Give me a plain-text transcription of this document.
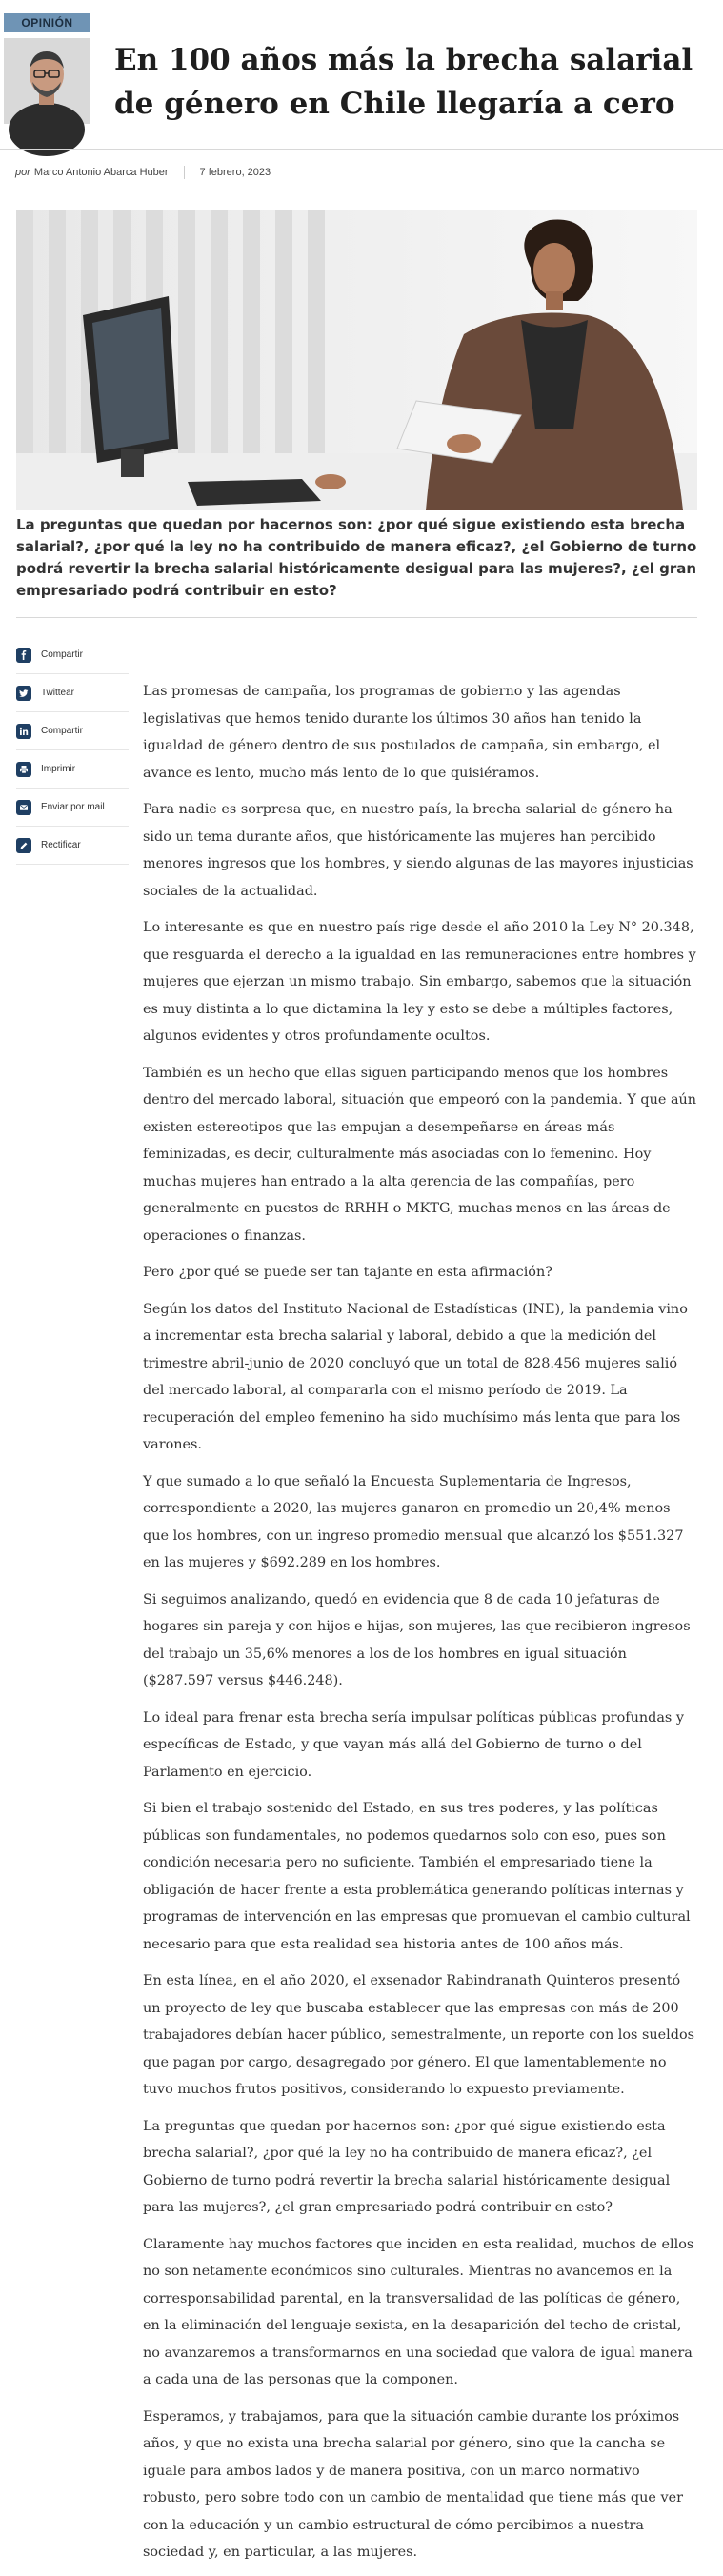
OPINIÓN
En 100 años más la brecha salarial de género en Chile llegaría a cero
por Marco Antonio Abarca Huber	7 febrero, 2023

La preguntas que quedan por hacernos son: ¿por qué sigue existiendo esta brecha salarial?, ¿por qué la ley no ha contribuido de manera eficaz?, ¿el Gobierno de turno podrá revertir la brecha salarial históricamente desigual para las mujeres?, ¿el gran empresariado podrá contribuir en esto?

Compartir
Twittear
Compartir
Imprimir
Enviar por mail
Rectificar

Las promesas de campaña, los programas de gobierno y las agendas legislativas que hemos tenido durante los últimos 30 años han tenido la igualdad de género dentro de sus postulados de campaña, sin embargo, el avance es lento, mucho más lento de lo que quisiéramos.

Para nadie es sorpresa que, en nuestro país, la brecha salarial de género ha sido un tema durante años, que históricamente las mujeres han percibido menores ingresos que los hombres, y siendo algunas de las mayores injusticias sociales de la actualidad.

Lo interesante es que en nuestro país rige desde el año 2010 la Ley N° 20.348, que resguarda el derecho a la igualdad en las remuneraciones entre hombres y mujeres que ejerzan un mismo trabajo. Sin embargo, sabemos que la situación es muy distinta a lo que dictamina la ley y esto se debe a múltiples factores, algunos evidentes y otros profundamente ocultos.

También es un hecho que ellas siguen participando menos que los hombres dentro del mercado laboral, situación que empeoró con la pandemia. Y que aún existen estereotipos que las empujan a desempeñarse en áreas más feminizadas, es decir, culturalmente más asociadas con lo femenino. Hoy muchas mujeres han entrado a la alta gerencia de las compañías, pero generalmente en puestos de RRHH o MKTG, muchas menos en las áreas de operaciones o finanzas.

Pero ¿por qué se puede ser tan tajante en esta afirmación?

Según los datos del Instituto Nacional de Estadísticas (INE), la pandemia vino a incrementar esta brecha salarial y laboral, debido a que la medición del trimestre abril-junio de 2020 concluyó que un total de 828.456 mujeres salió del mercado laboral, al compararla con el mismo período de 2019. La recuperación del empleo femenino ha sido muchísimo más lenta que para los varones.

Y que sumado a lo que señaló la Encuesta Suplementaria de Ingresos, correspondiente a 2020, las mujeres ganaron en promedio un 20,4% menos que los hombres, con un ingreso promedio mensual que alcanzó los $551.327 en las mujeres y $692.289 en los hombres.

Si seguimos analizando, quedó en evidencia que 8 de cada 10 jefaturas de hogares sin pareja y con hijos e hijas, son mujeres, las que recibieron ingresos del trabajo un 35,6% menores a los de los hombres en igual situación ($287.597 versus $446.248).

Lo ideal para frenar esta brecha sería impulsar políticas públicas profundas y específicas de Estado, y que vayan más allá del Gobierno de turno o del Parlamento en ejercicio.

Si bien el trabajo sostenido del Estado, en sus tres poderes, y las políticas públicas son fundamentales, no podemos quedarnos solo con eso, pues son condición necesaria pero no suficiente. También el empresariado tiene la obligación de hacer frente a esta problemática generando políticas internas y programas de intervención en las empresas que promuevan el cambio cultural necesario para que esta realidad sea historia antes de 100 años más.

En esta línea, en el año 2020, el exsenador Rabindranath Quinteros presentó un proyecto de ley que buscaba establecer que las empresas con más de 200 trabajadores debían hacer público, semestralmente, un reporte con los sueldos que pagan por cargo, desagregado por género. El que lamentablemente no tuvo muchos frutos positivos, considerando lo expuesto previamente.

La preguntas que quedan por hacernos son: ¿por qué sigue existiendo esta brecha salarial?, ¿por qué la ley no ha contribuido de manera eficaz?, ¿el Gobierno de turno podrá revertir la brecha salarial históricamente desigual para las mujeres?, ¿el gran empresariado podrá contribuir en esto?

Claramente hay muchos factores que inciden en esta realidad, muchos de ellos no son netamente económicos sino culturales. Mientras no avancemos en la corresponsabilidad parental, en la transversalidad de las políticas de género, en la eliminación del lenguaje sexista, en la desaparición del techo de cristal, no avanzaremos a transformarnos en una sociedad que valora de igual manera a cada una de las personas que la componen.

Esperamos, y trabajamos, para que la situación cambie durante los próximos años, y que no exista una brecha salarial por género, sino que la cancha se iguale para ambos lados y de manera positiva, con un marco normativo robusto, pero sobre todo con un cambio de mentalidad que tiene más que ver con la educación y un cambio estructural de cómo percibimos a nuestra sociedad y, en particular, a las mujeres.
